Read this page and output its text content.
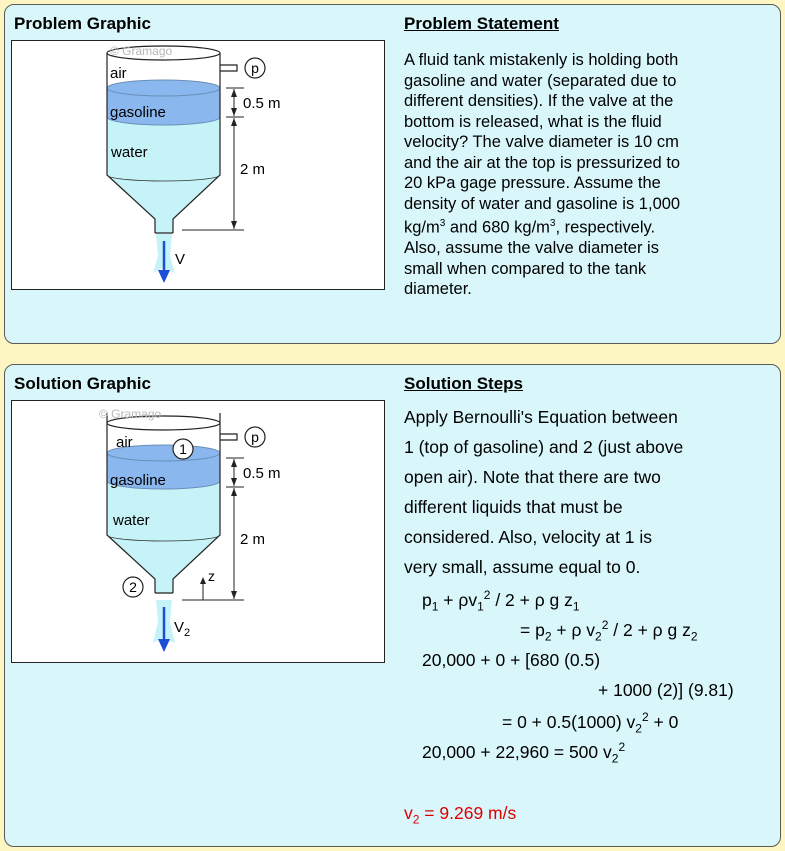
Problem Graphic	Problem Statement
p
© Gramago
air
gasoline
water
0.5 m
2 m
V
A fluid tank mistakenly is holding both
gasoline and water (separated due to
different densities). If the valve at the
bottom is released, what is the fluid
velocity? The valve diameter is 10 cm
and the air at the top is pressurized to
20 kPa gage pressure. Assume the
density of water and gasoline is 1,000
$kg/m^3$ and 680 $kg/m^3$, respectively.
Also, assume the valve diameter is
small when compared to the tank
diameter.
Solution Graphic	Solution Steps
p
© Gramago
air	1
gasoline
water
0.5 m
2 m
z
2
$V_2$
Apply Bernoulli's Equation between
1 (top of gasoline) and 2 (just above
open air). Note that there are two
different liquids that must be
considered. Also, velocity at 1 is
very small, assume equal to 0.
$p_1 + \rho v_1^2 / 2 + \rho$ g $z_1$
= $p_2 + \rho$ $v_2^2 / 2 + \rho$ g $z_2$
20,000 + 0 + [680 (0.5)
+ 1000 (2)] (9.81)
= 0 + 0.5(1000) $v_2^2 + 0$
20,000 + 22,960 = 500 $v_2^2$
$v_2 = 9.269$ m/s
